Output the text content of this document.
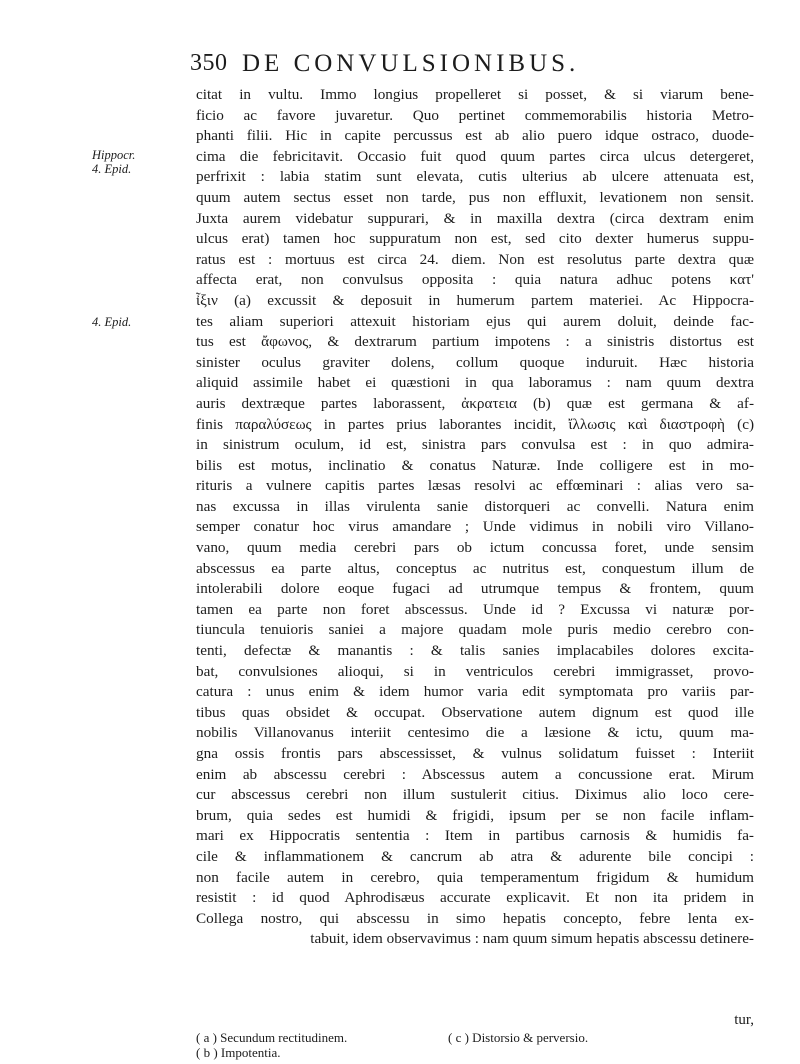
350 DE CONVULSIONIBUS.
Hippocr. 4. Epid.
4. Epid.
citat in vultu. Immo longius propelleret si posset, & si viarum bene-
ficio ac favore juvaretur. Quo pertinet commemorabilis historia Metro-
phanti filii. Hic in capite percussus est ab alio puero idque ostraco, duode-
cima die febricitavit. Occasio fuit quod quum partes circa ulcus detergeret,
perfrixit : labia statim sunt elevata, cutis ulterius ab ulcere attenuata est,
quum autem sectus esset non tarde, pus non effluxit, levationem non sensit.
Juxta aurem videbatur suppurari, & in maxilla dextra (circa dextram enim
ulcus erat) tamen hoc suppuratum non est, sed cito dexter humerus suppu-
ratus est : mortuus est circa 24. diem. Non est resolutus parte dextra quæ
affecta erat, non convulsus opposita : quia natura adhuc potens κατ'
ἶξιν (a) excussit & deposuit in humerum partem materiei. Ac Hippocra-
tes aliam superiori attexuit historiam ejus qui aurem doluit, deinde fac-
tus est ἄφωνος, & dextrarum partium impotens : a sinistris distortus est
sinister oculus graviter dolens, collum quoque induruit. Hæc historia
aliquid assimile habet ei quæstioni in qua laboramus : nam quum dextra
auris dextræque partes laborassent, ἀκρατεια (b) quæ est germana & af-
finis παραλύσεως in partes prius laborantes incidit, ἴλλωσις καὶ διαστροφὴ (c)
in sinistrum oculum, id est, sinistra pars convulsa est : in quo admira-
bilis est motus, inclinatio & conatus Naturæ. Inde colligere est in mo-
rituris a vulnere capitis partes læsas resolvi ac effœminari : alias vero sa-
nas excussa in illas virulenta sanie distorqueri ac convelli. Natura enim
semper conatur hoc virus amandare ; Unde vidimus in nobili viro Villano-
vano, quum media cerebri pars ob ictum concussa foret, unde sensim
abscessus ea parte altus, conceptus ac nutritus est, conquestum illum de
intolerabili dolore eoque fugaci ad utrumque tempus & frontem, quum
tamen ea parte non foret abscessus. Unde id ? Excussa vi naturæ por-
tiuncula tenuioris saniei a majore quadam mole puris medio cerebro con-
tenti, defectæ & manantis : & talis sanies implacabiles dolores excita-
bat, convulsiones alioqui, si in ventriculos cerebri immigrasset, provo-
catura : unus enim & idem humor varia edit symptomata pro variis par-
tibus quas obsidet & occupat. Observatione autem dignum est quod ille
nobilis Villanovanus interiit centesimo die a læsione & ictu, quum ma-
gna ossis frontis pars abscessisset, & vulnus solidatum fuisset : Interiit
enim ab abscessu cerebri : Abscessus autem a concussione erat. Mirum
cur abscessus cerebri non illum sustulerit citius. Diximus alio loco cere-
brum, quia sedes est humidi & frigidi, ipsum per se non facile inflam-
mari ex Hippocratis sententia : Item in partibus carnosis & humidis fa-
cile & inflammationem & cancrum ab atra & adurente bile concipi :
non facile autem in cerebro, quia temperamentum frigidum & humidum
resistit : id quod Aphrodisæus accurate explicavit. Et non ita pridem in
Collega nostro, qui abscessu in simo hepatis concepto, febre lenta ex-
tabuit, idem observavimus : nam quum simum hepatis abscessu detinere-
tur,
( a ) Secundum rectitudinem.
( b ) Impotentia.
( c ) Distorsio & perversio.
